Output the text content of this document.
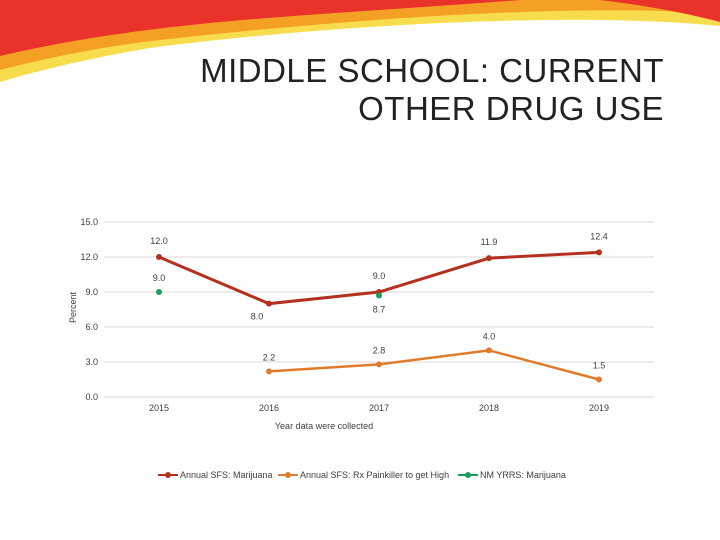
MIDDLE SCHOOL: CURRENT OTHER DRUG USE
0.0
3.0
6.0
9.0
12.0
15.0
2015	2016	2017	2018	2019
Percent
Year data were collected
12.0
8.0
9.0
11.9
12.4
2.2
2.8
4.0
1.5
9.0
8.7
Annual SFS: Marijuana	Annual SFS: Rx Painkiller to get High	NM YRRS: Marijuana
